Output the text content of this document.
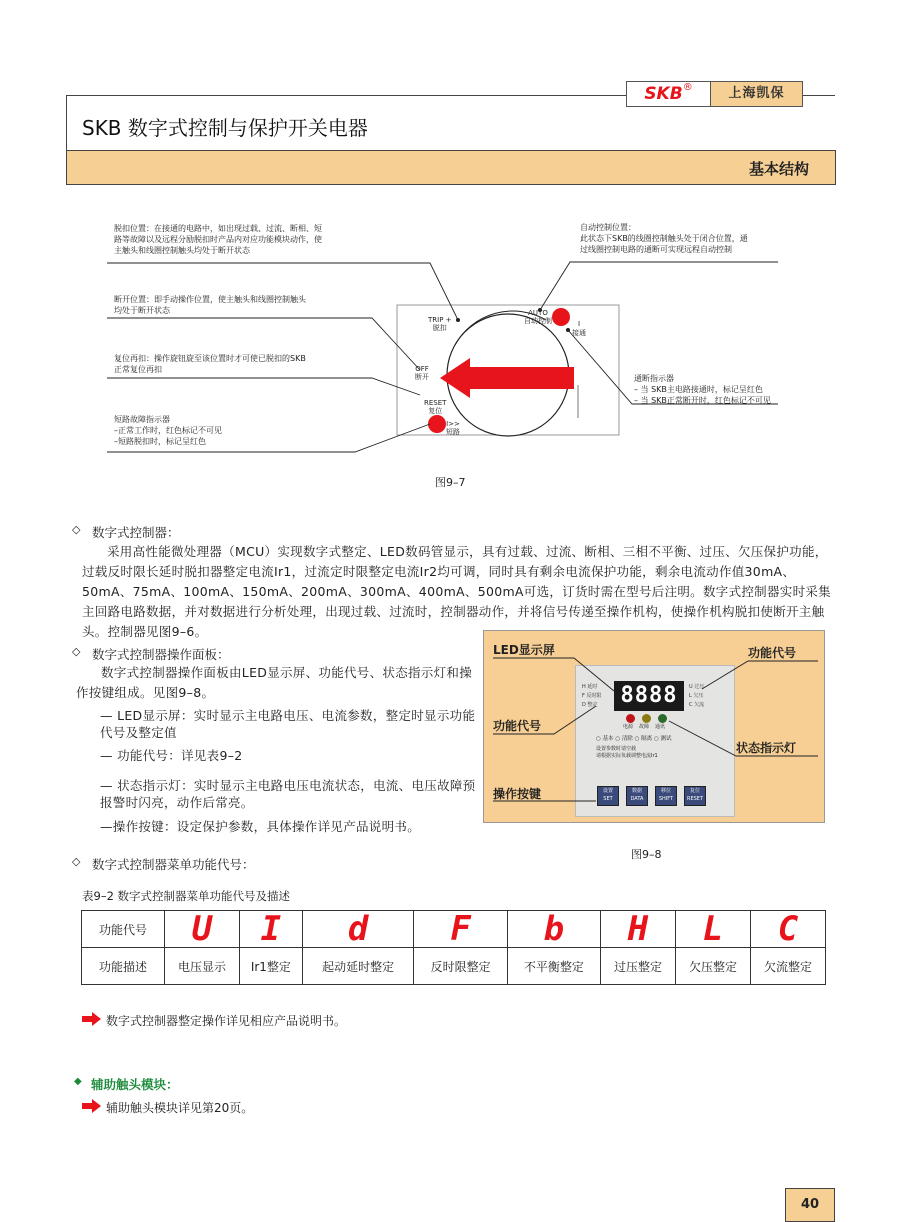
SKB®	上海凯保
SKB 数字式控制与保护开关电器
基本结构
脱扣位置：在接通的电路中，如出现过载、过流、断相、短
路等故障以及远程分励脱扣时产品内对应功能模块动作，使
主触头和线圈控制触头均处于断开状态
断开位置：即手动操作位置，使主触头和线圈控制触头
均处于断开状态
复位再扣：操作旋钮旋至该位置时才可使已脱扣的SKB
正常复位再扣
短路故障指示器
–正常工作时，红色标记不可见
–短路脱扣时，标记呈红色
自动控制位置：
此状态下SKB的线圈控制触头处于闭合位置，通
过线圈控制电路的通断可实现远程自动控制
通断指示器
– 当 SKB主电路接通时，标记呈红色
– 当 SKB正常断开时，红色标记不可见
TRIP +
脱扣
AUTO
自动控制	I
接通
OFF
断开
RESET
复位
I>>
短路
图9–7
◇ 数字式控制器：
采用高性能微处理器（MCU）实现数字式整定、LED数码管显示，具有过载、过流、断相、三相不平衡、过压、欠压保护功能，过载反时限长延时脱扣器整定电流Ir1，过流定时限整定电流Ir2均可调，同时具有剩余电流保护功能，剩余电流动作值30mA、50mA、75mA、100mA、150mA、200mA、300mA、400mA、500mA可选，订货时需在型号后注明。数字式控制器实时采集主回路电路数据，并对数据进行分析处理，出现过载、过流时，控制器动作，并将信号传递至操作机构，使操作机构脱扣使断开主触头。控制器见图9–6。
◇ 数字式控制器操作面板：
数字式控制器操作面板由LED显示屏、功能代号、状态指示灯和操作按键组成。见图9–8。
— LED显示屏：实时显示主电路电压、电流参数，整定时显示功能代号及整定值
— 功能代号：详见表9–2
— 状态指示灯：实时显示主电路电压电流状态，电流、电压故障预报警时闪亮，动作后常亮。
—操作按键：设定保护参数，具体操作详见产品说明书。
8888
H 延时
F 反时限
D 整定
U 过压
L 欠压
C 欠流
电源 故障 通讯
○ 基本 ○ 清除 ○ 隔离 ○ 测试
设置参数时请空载
请根据实际负载调整电流Ir1
设置
SET
数据
DATA
移位
SHIFT
复位
RESET
LED显示屏	功能代号
功能代号
状态指示灯
操作按键
图9–8
◇ 数字式控制器菜单功能代号：
表9–2 数字式控制器菜单功能代号及描述
功能代号	U	I	d	F	b	H	L	C
功能描述	电压显示	Ir1整定	起动延时整定	反时限整定	不平衡整定	过压整定	欠压整定	欠流整定
数字式控制器整定操作详见相应产品说明书。
◆ 辅助触头模块：
辅助触头模块详见第20页。
40
